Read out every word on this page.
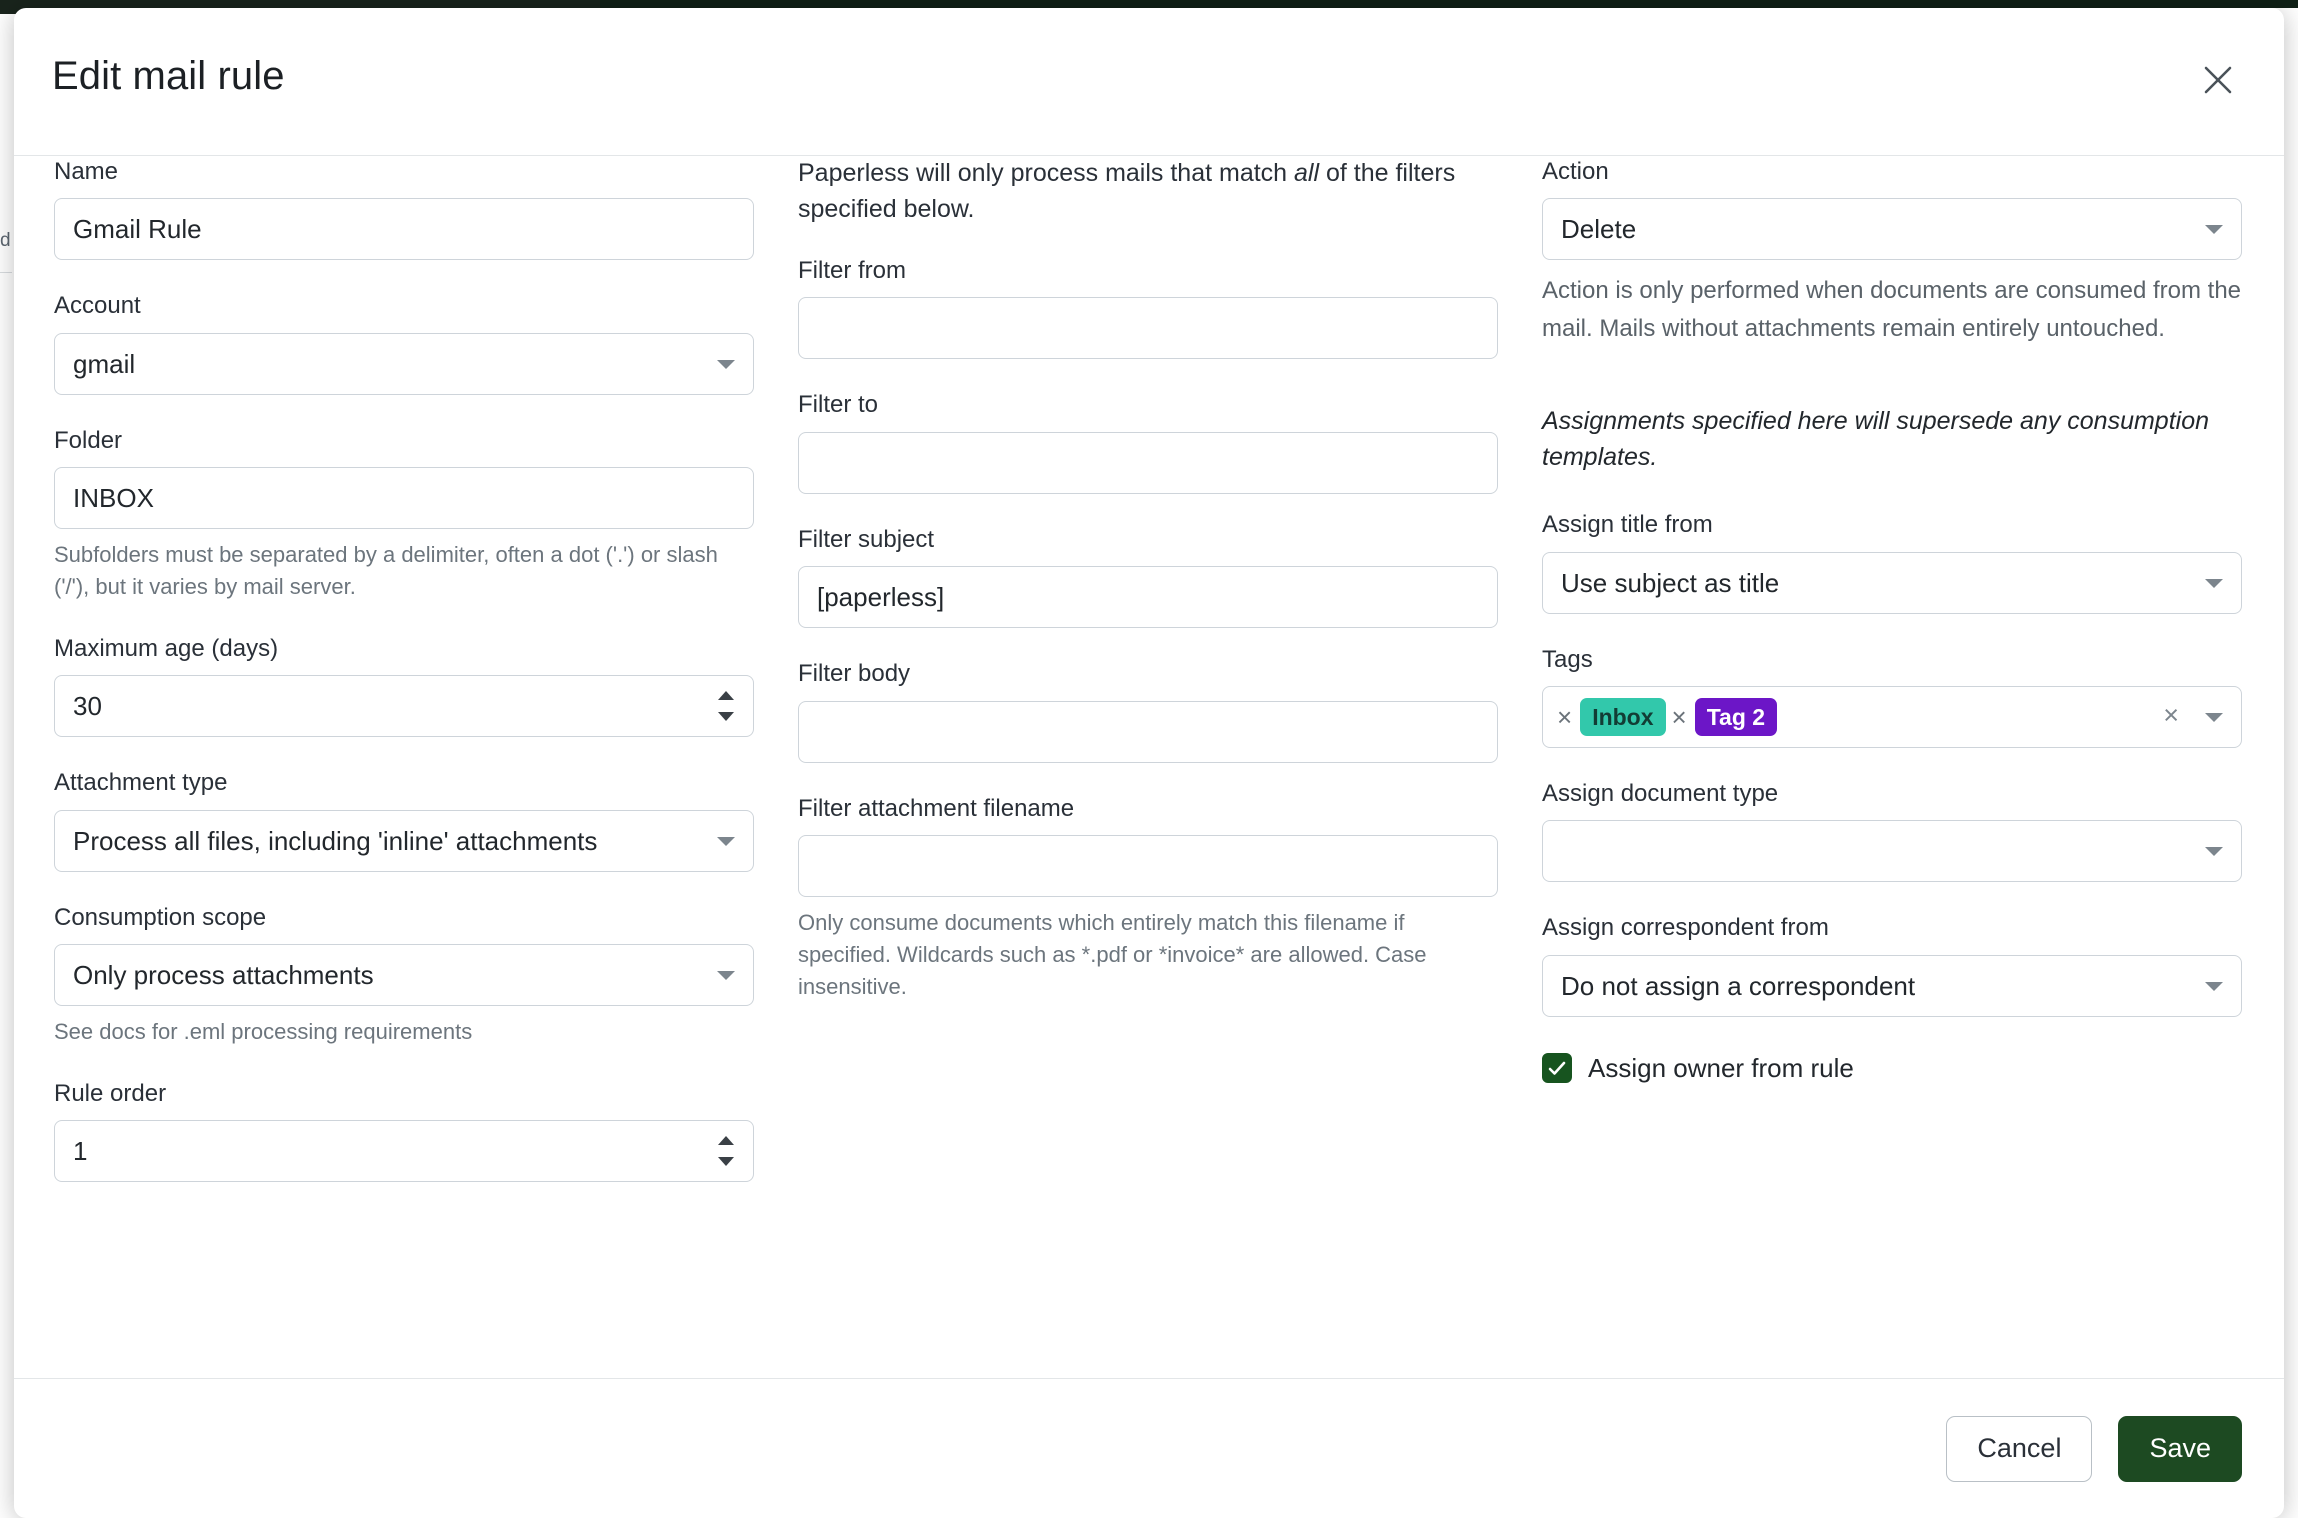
d
Edit mail rule
Name
Gmail Rule
Account
gmail
Folder
INBOX
Subfolders must be separated by a delimiter, often a dot ('.') or slash ('/'), but it varies by mail server.
Maximum age (days)
30
Attachment type
Process all files, including 'inline' attachments
Consumption scope
Only process attachments
See docs for .eml processing requirements
Rule order
1
Paperless will only process mails that match all of the filters specified below.
Filter from
Filter to
Filter subject
[paperless]
Filter body
Filter attachment filename
Only consume documents which entirely match this filename if specified. Wildcards such as *.pdf or *invoice* are allowed. Case insensitive.
Action
Delete
Action is only performed when documents are consumed from the mail. Mails without attachments remain entirely untouched.
Assignments specified here will supersede any consumption templates.
Assign title from
Use subject as title
Tags
× Inbox × Tag 2	×
Assign document type
Assign correspondent from
Do not assign a correspondent
Assign owner from rule
Cancel	Save
